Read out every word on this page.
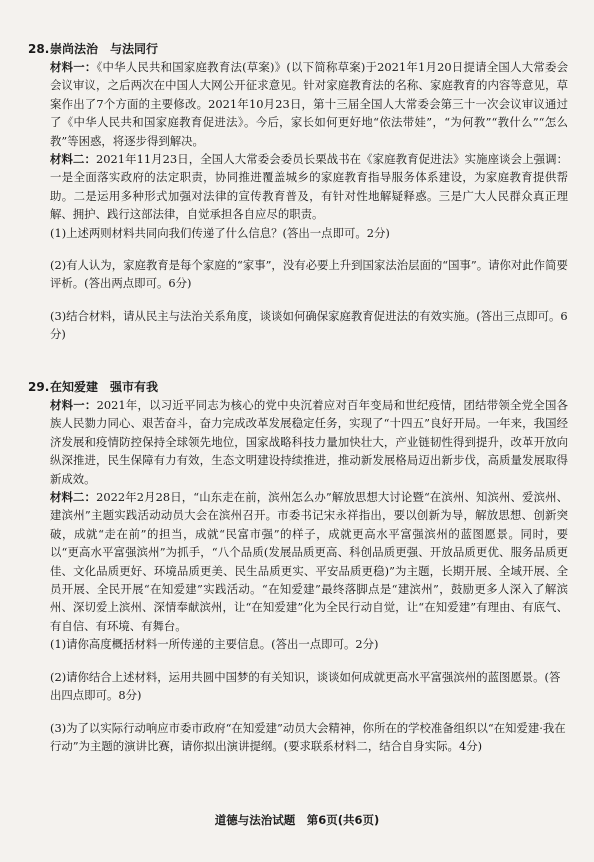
28.崇尚法治　与法同行

材料一：《中华人民共和国家庭教育法(草案)》(以下简称草案)于2021年1月20日提请全国人大常委会会议审议，之后两次在中国人大网公开征求意见。针对家庭教育法的名称、家庭教育的内容等意见，草案作出了7个方面的主要修改。2021年10月23日，第十三届全国人大常委会第三十一次会议审议通过了《中华人民共和国家庭教育促进法》。今后，家长如何更好地“依法带娃”，“为何教”“教什么”“怎么教”等困惑，将逐步得到解决。

材料二：2021年11月23日，全国人大常委会委员长栗战书在《家庭教育促进法》实施座谈会上强调：一是全面落实政府的法定职责，协同推进覆盖城乡的家庭教育指导服务体系建设，为家庭教育提供帮助。二是运用多种形式加强对法律的宣传教育普及，有针对性地解疑释惑。三是广大人民群众真正理解、拥护、践行这部法律，自觉承担各自应尽的职责。

(1)上述两则材料共同向我们传递了什么信息？(答出一点即可。2分)

(2)有人认为，家庭教育是每个家庭的“家事”，没有必要上升到国家法治层面的“国事”。请你对此作简要评析。(答出两点即可。6分)

(3)结合材料，请从民主与法治关系角度，谈谈如何确保家庭教育促进法的有效实施。(答出三点即可。6分)

29.在知爱建　强市有我

材料一：2021年，以习近平同志为核心的党中央沉着应对百年变局和世纪疫情，团结带领全党全国各族人民勠力同心、艰苦奋斗，奋力完成改革发展稳定任务，实现了“十四五”良好开局。一年来，我国经济发展和疫情防控保持全球领先地位，国家战略科技力量加快壮大，产业链韧性得到提升，改革开放向纵深推进，民生保障有力有效，生态文明建设持续推进，推动新发展格局迈出新步伐，高质量发展取得新成效。

材料二：2022年2月28日，“山东走在前，滨州怎么办”解放思想大讨论暨“在滨州、知滨州、爱滨州、建滨州”主题实践活动动员大会在滨州召开。市委书记宋永祥指出，要以创新为导，解放思想、创新突破，成就“走在前”的担当，成就“民富市强”的样子，成就更高水平富强滨州的蓝图愿景。同时，要以“更高水平富强滨州”为抓手，“八个品质(发展品质更高、科创品质更强、开放品质更优、服务品质更佳、文化品质更好、环境品质更美、民生品质更实、平安品质更稳)”为主题，长期开展、全域开展、全员开展、全民开展“在知爱建”实践活动。“在知爱建”最终落脚点是“建滨州”，鼓励更多人深入了解滨州、深切爱上滨州、深情奉献滨州，让“在知爱建”化为全民行动自觉，让“在知爱建”有理由、有底气、有自信、有环境、有舞台。

(1)请你高度概括材料一所传递的主要信息。(答出一点即可。2分)

(2)请你结合上述材料，运用共圆中国梦的有关知识，谈谈如何成就更高水平富强滨州的蓝图愿景。(答出四点即可。8分)

(3)为了以实际行动响应市委市政府“在知爱建”动员大会精神，你所在的学校准备组织以“在知爱建·我在行动”为主题的演讲比赛，请你拟出演讲提纲。(要求联系材料二，结合自身实际。4分)

道德与法治试题　第6页(共6页)
